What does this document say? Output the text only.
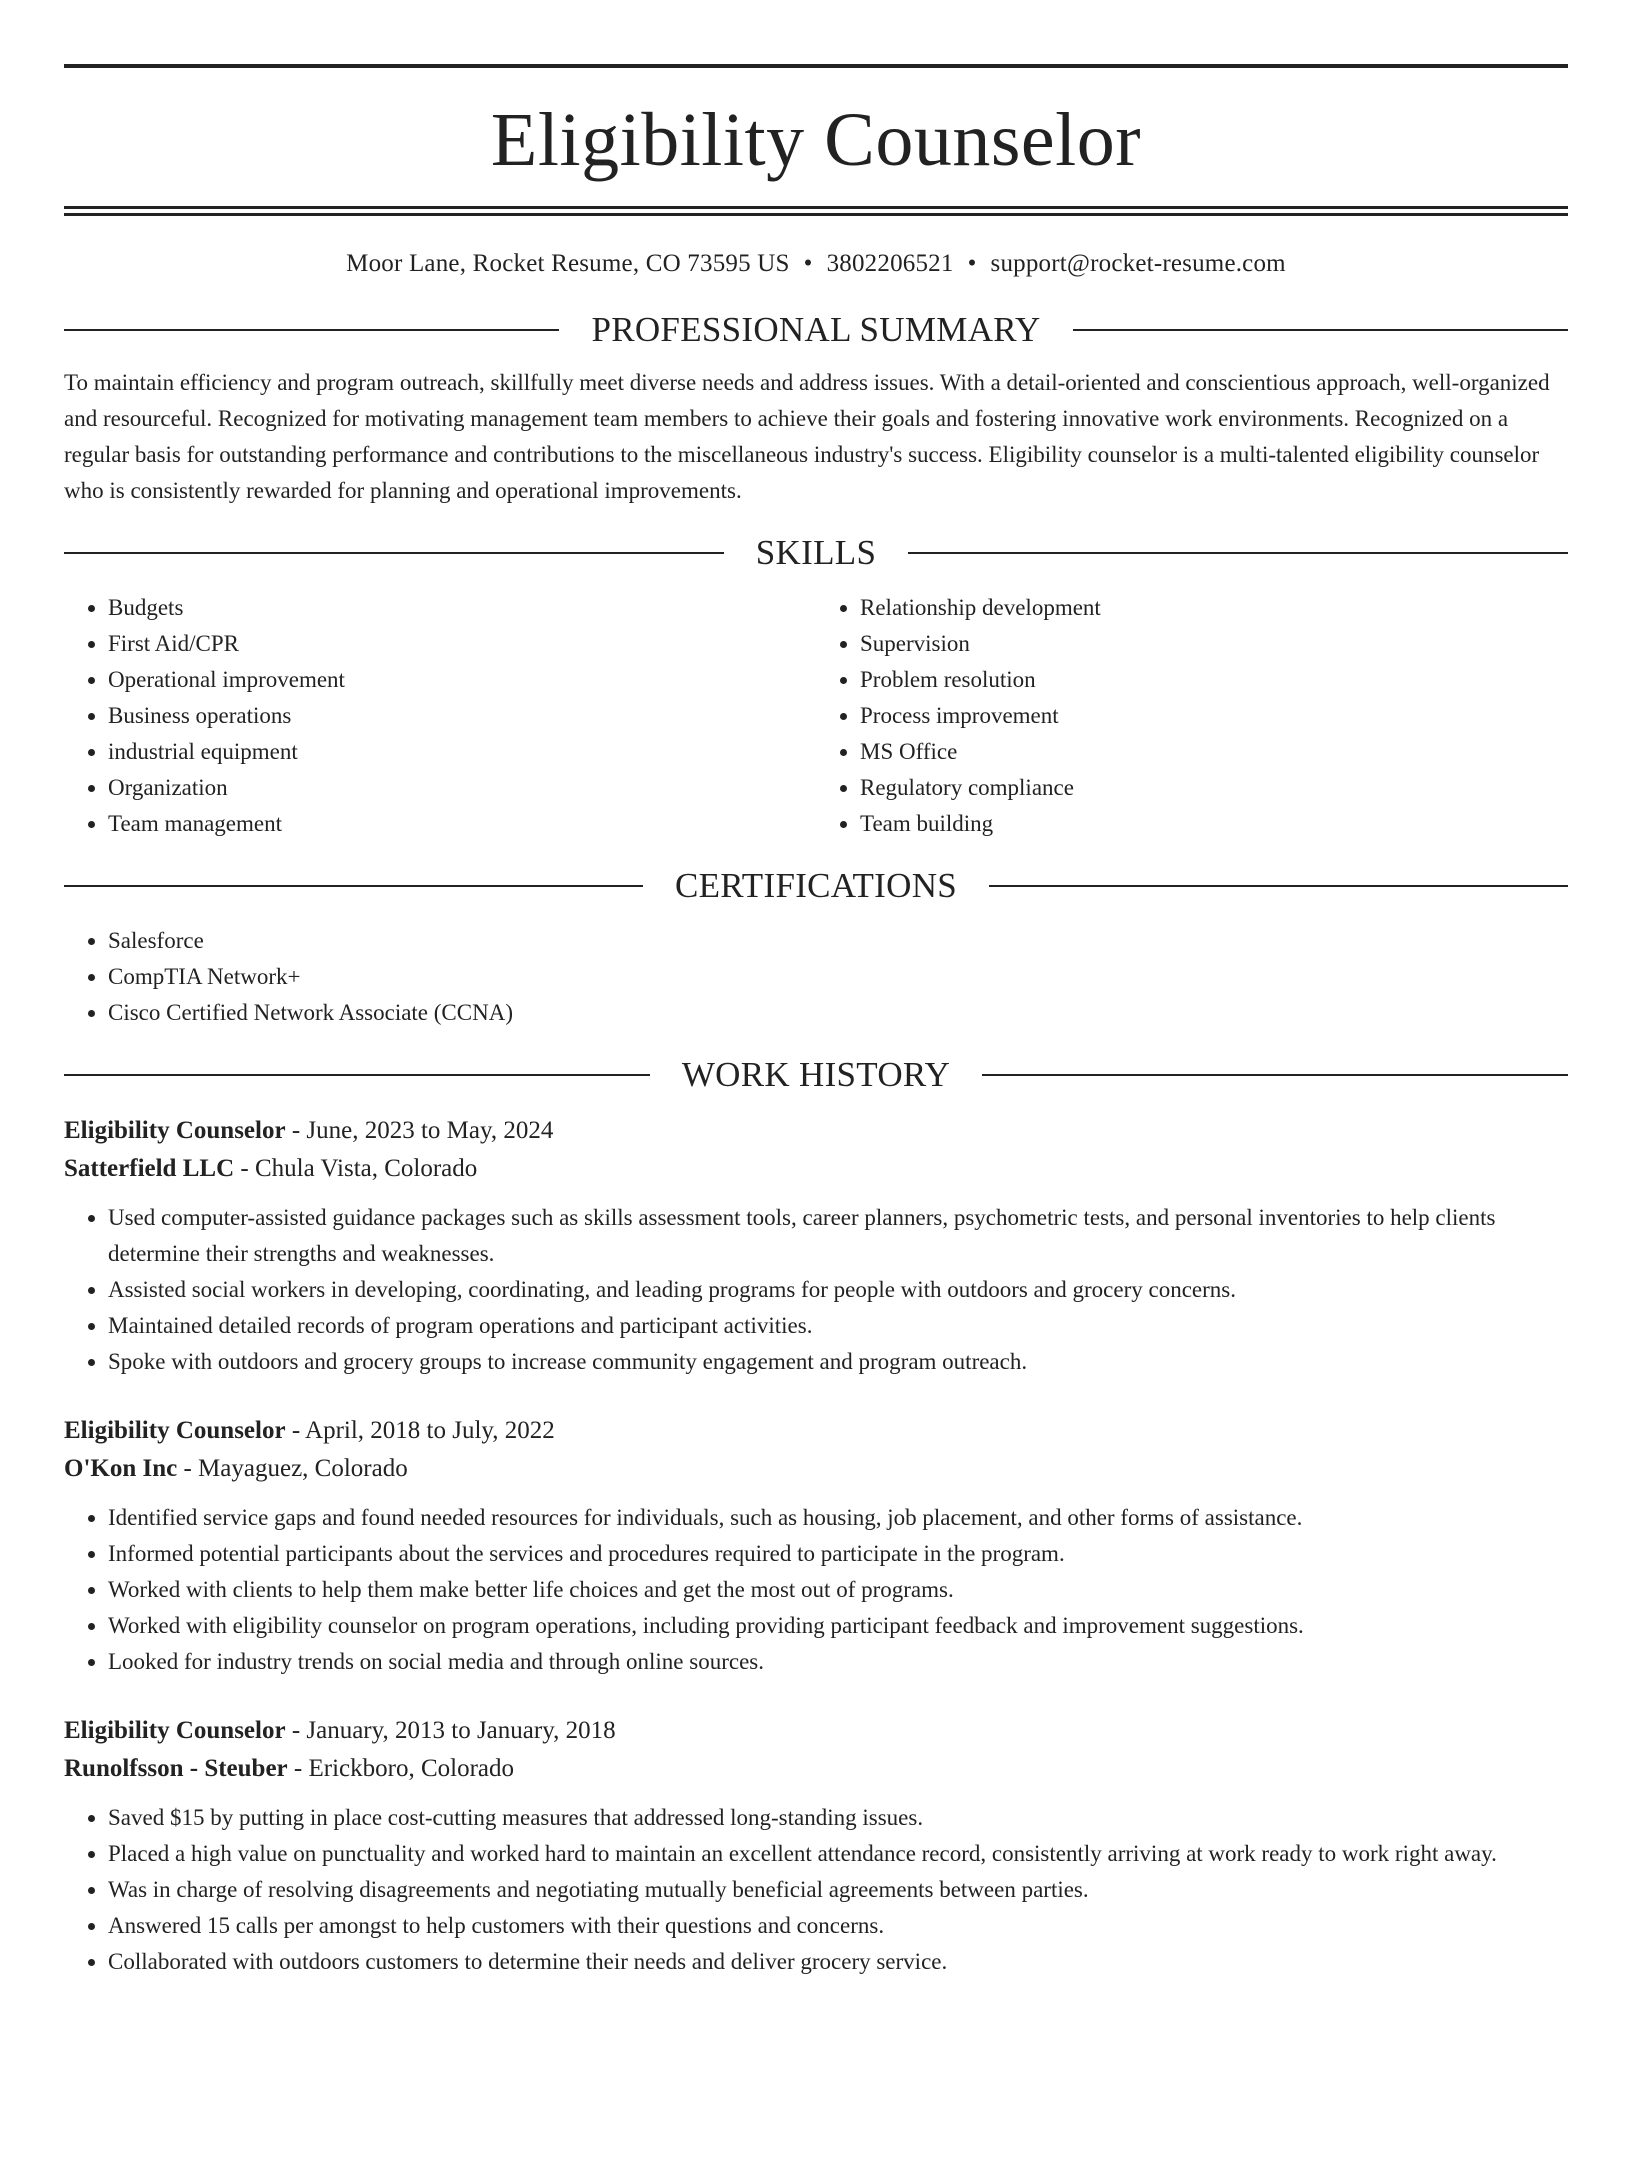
Eligibility Counselor
Moor Lane, Rocket Resume, CO 73595 US • 3802206521 • support@rocket-resume.com
PROFESSIONAL SUMMARY
To maintain efficiency and program outreach, skillfully meet diverse needs and address issues. With a detail-oriented and conscientious approach, well-organized and resourceful. Recognized for motivating management team members to achieve their goals and fostering innovative work environments. Recognized on a regular basis for outstanding performance and contributions to the miscellaneous industry's success. Eligibility counselor is a multi-talented eligibility counselor who is consistently rewarded for planning and operational improvements.
SKILLS
• Budgets
• First Aid/CPR
• Operational improvement
• Business operations
• industrial equipment
• Organization
• Team management
• Relationship development
• Supervision
• Problem resolution
• Process improvement
• MS Office
• Regulatory compliance
• Team building
CERTIFICATIONS
• Salesforce
• CompTIA Network+
• Cisco Certified Network Associate (CCNA)
WORK HISTORY
Eligibility Counselor - June, 2023 to May, 2024
Satterfield LLC - Chula Vista, Colorado
• Used computer-assisted guidance packages such as skills assessment tools, career planners, psychometric tests, and personal inventories to help clients determine their strengths and weaknesses.
• Assisted social workers in developing, coordinating, and leading programs for people with outdoors and grocery concerns.
• Maintained detailed records of program operations and participant activities.
• Spoke with outdoors and grocery groups to increase community engagement and program outreach.
Eligibility Counselor - April, 2018 to July, 2022
O'Kon Inc - Mayaguez, Colorado
• Identified service gaps and found needed resources for individuals, such as housing, job placement, and other forms of assistance.
• Informed potential participants about the services and procedures required to participate in the program.
• Worked with clients to help them make better life choices and get the most out of programs.
• Worked with eligibility counselor on program operations, including providing participant feedback and improvement suggestions.
• Looked for industry trends on social media and through online sources.
Eligibility Counselor - January, 2013 to January, 2018
Runolfsson - Steuber - Erickboro, Colorado
• Saved $15 by putting in place cost-cutting measures that addressed long-standing issues.
• Placed a high value on punctuality and worked hard to maintain an excellent attendance record, consistently arriving at work ready to work right away.
• Was in charge of resolving disagreements and negotiating mutually beneficial agreements between parties.
• Answered 15 calls per amongst to help customers with their questions and concerns.
• Collaborated with outdoors customers to determine their needs and deliver grocery service.
